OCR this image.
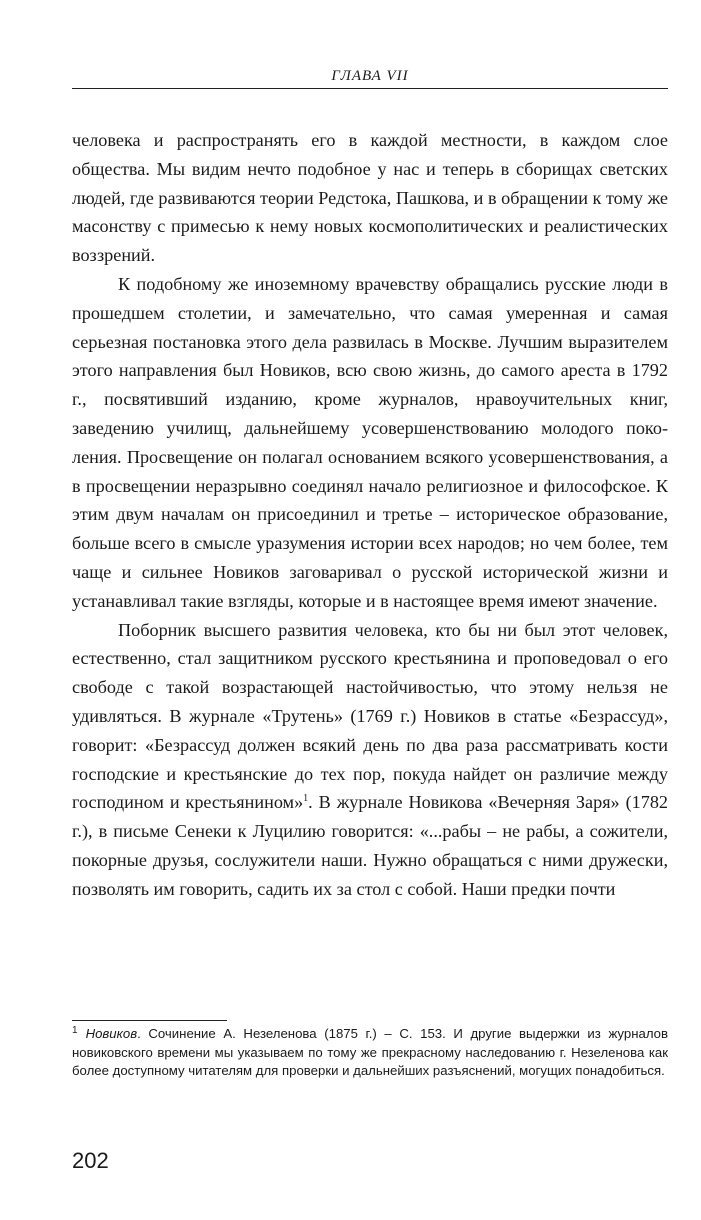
ГЛАВА VII

человека и распространять его в каждой местности, в каждом слое общества. Мы видим нечто подобное у нас и теперь в сборищах светских людей, где развиваются теории Редстока, Пашкова, и в обращении к тому же масонству с примесью к нему новых космополитических и реалистических воззрений.

К подобному же иноземному врачевству обращались русские люди в прошедшем столетии, и замечательно, что самая умеренная и самая серьезная постановка этого дела развилась в Москве. Лучшим выразителем этого направления был Новиков, всю свою жизнь, до самого ареста в 1792 г., посвятивший изданию, кроме журналов, нравоучительных книг, заведению училищ, дальнейшему усовершенствованию молодого поколения. Просвещение он полагал основанием всякого усовершенствования, а в просвещении неразрывно соединял начало религиозное и философское. К этим двум началам он присоединил и третье – историческое образование, больше всего в смысле уразумения истории всех народов; но чем более, тем чаще и сильнее Новиков заговаривал о русской исторической жизни и устанавливал такие взгляды, которые и в настоящее время имеют значение.

Поборник высшего развития человека, кто бы ни был этот человек, естественно, стал защитником русского крестьянина и проповедовал о его свободе с такой возрастающей настойчивостью, что этому нельзя не удивляться. В журнале «Трутень» (1769 г.) Новиков в статье «Безрассуд», говорит: «Безрассуд должен всякий день по два раза рассматривать кости господские и крестьянские до тех пор, покуда найдет он различие между господином и крестьянином»$^1$. В журнале Новикова «Вечерняя Заря» (1782 г.), в письме Сенеки к Луцилию говорится: «...рабы – не рабы, а сожители, покорные друзья, сослужители наши. Нужно обращаться с ними дружески, позволять им говорить, садить их за стол с собой. Наши предки почти

$^1$ Новиков. Сочинение А. Незеленова (1875 г.) – С. 153. И другие выдержки из журналов новиковского времени мы указываем по тому же прекрасному наследованию г. Незеленова как более доступному читателям для проверки и дальнейших разъяснений, могущих понадобиться.
202
